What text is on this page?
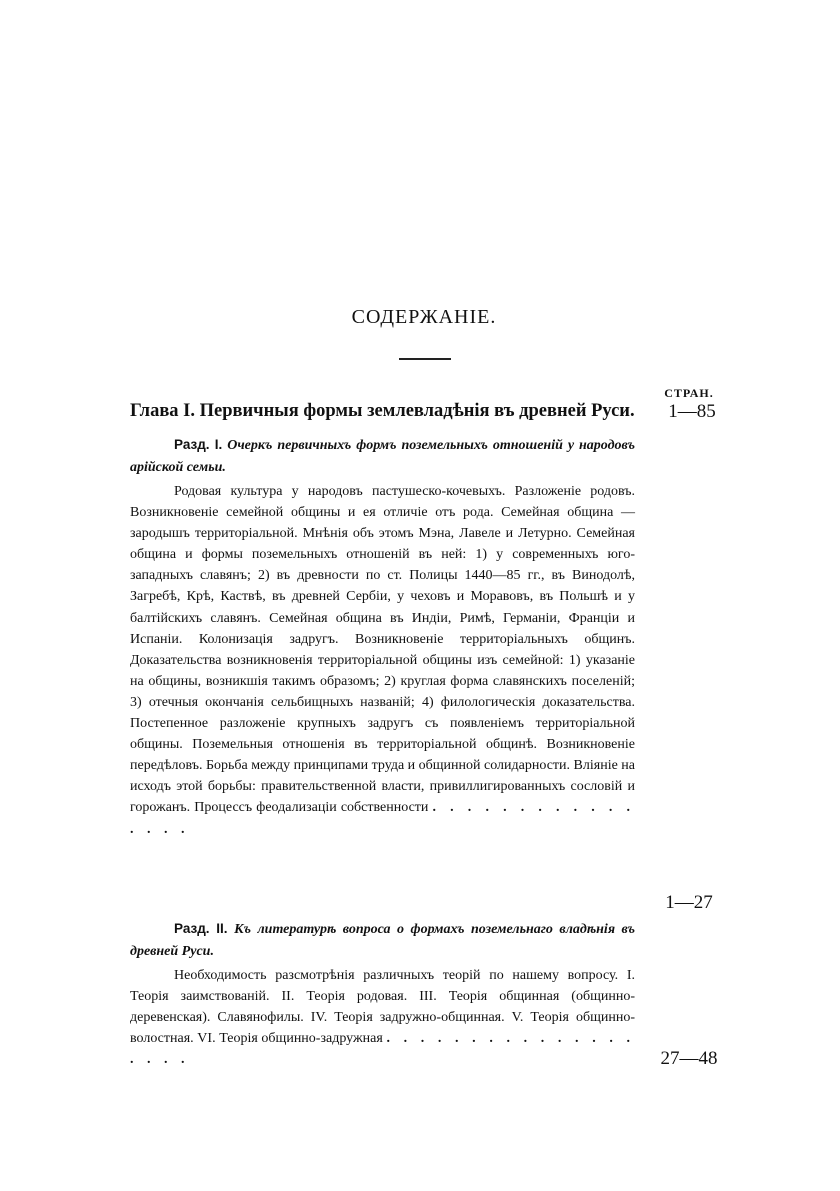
СОДЕРЖАНІЕ.
СТРАН.
Глава I. Первичныя формы землевладѣнія въ древней Руси.	1—85
Разд. I. Очеркъ первичныхъ формъ поземельныхъ отношеній у народовъ арійской семьи.
Родовая культура у народовъ пастушеско-кочевыхъ. Разложеніе родовъ. Возникновеніе семейной общины и ея отличіе отъ рода. Семейная община — зародышъ территоріальной. Мнѣнія объ этомъ Мэна, Лавеле и Летурно. Семейная община и формы поземельныхъ отношеній въ ней: 1) у современныхъ юго-западныхъ славянъ; 2) въ древности по ст. Полицы 1440—85 гг., въ Винодолѣ, Загребѣ, Крѣ, Каствѣ, въ древней Сербіи, у чеховъ и Моравовъ, въ Польшѣ и у балтійскихъ славянъ. Семейная община въ Индіи, Римѣ, Германіи, Франціи и Испаніи. Колонизація задругъ. Возникновеніе территоріальныхъ общинъ. Доказательства возникновенія территоріальной общины изъ семейной: 1) указаніе на общины, возникшія такимъ образомъ; 2) круглая форма славянскихъ поселеній; 3) отечныя окончанія сельбищныхъ названій; 4) филологическія доказательства. Постепенное разложеніе крупныхъ задругъ съ появленіемъ территоріальной общины. Поземельныя отношенія въ территоріальной общинѣ. Возникновеніе передѣловъ. Борьба между принципами труда и общинной солидарности. Вліяніе на исходъ этой борьбы: правительственной власти, привиллигированныхъ сословій и горожанъ. Процессъ феодализаціи собственности . . . . . . . . . . . . . . . .
1—27
Разд. II. Къ литературѣ вопроса о формахъ поземельнаго владѣнія въ древней Руси.
Необходимость разсмотрѣнія различныхъ теорій по нашему вопросу. I. Теорія заимствованій. II. Теорія родовая. III. Теорія общинная (общинно-деревенская). Славянофилы. IV. Теорія задружно-общинная. V. Теорія общинно-волостная. VI. Теорія общинно-задружная . . . . . . . . . . . . . . . . . . .	27—48
